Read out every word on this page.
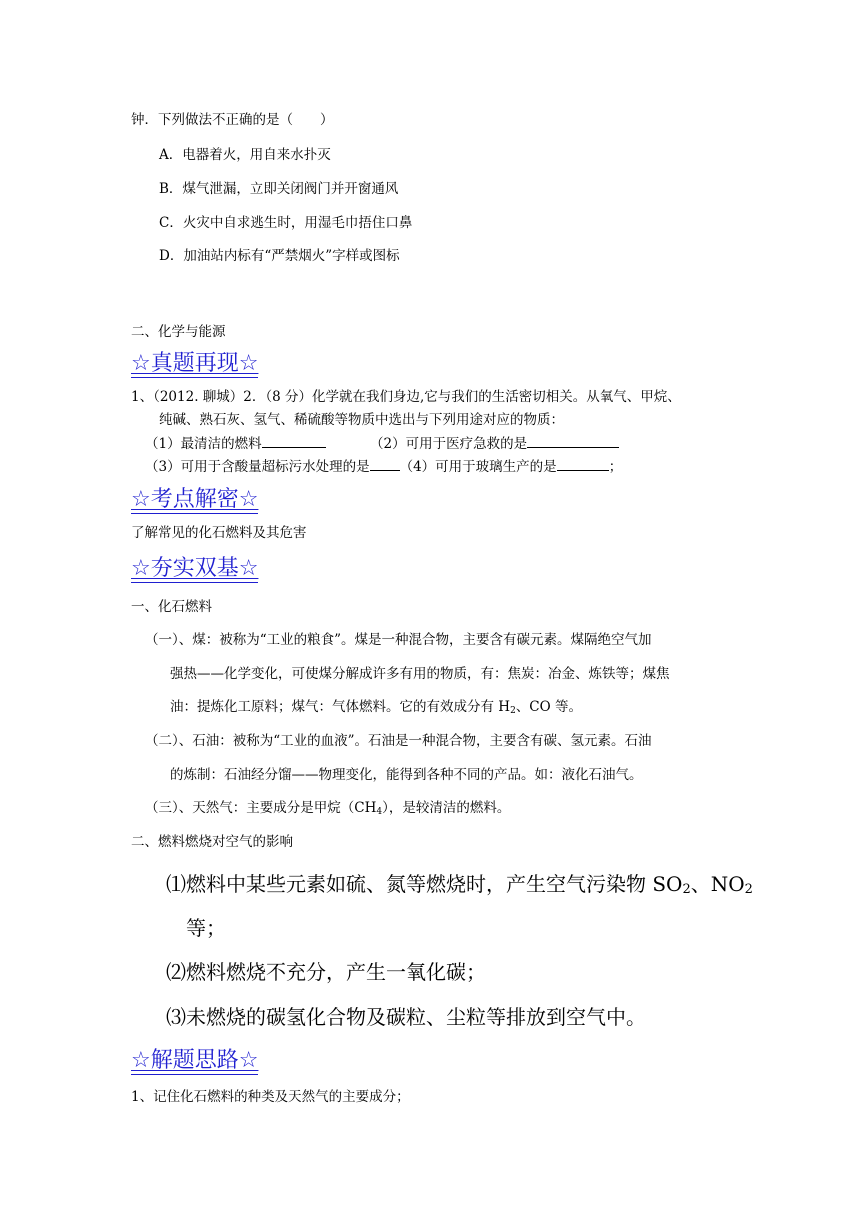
钟．下列做法不正确的是（　　）
A．电器着火，用自来水扑灭
B．煤气泄漏，立即关闭阀门并开窗通风
C．火灾中自求逃生时，用湿毛巾捂住口鼻
D．加油站内标有“严禁烟火”字样或图标
二、化学与能源
☆真题再现☆
1、（2012. 聊城）2．（8 分）化学就在我们身边,它与我们的生活密切相关。从氧气、甲烷、
纯碱、熟石灰、氢气、稀硫酸等物质中选出与下列用途对应的物质：
（1）最清洁的燃料	（2）可用于医疗急救的是
（3）可用于含酸量超标污水处理的是 （4）可用于玻璃生产的是	；
☆考点解密☆
了解常见的化石燃料及其危害
☆夯实双基☆
一、化石燃料
（一）、煤：被称为“工业的粮食”。煤是一种混合物，主要含有碳元素。煤隔绝空气加
强热——化学变化，可使煤分解成许多有用的物质，有：焦炭：冶金、炼铁等；煤焦
油：提炼化工原料；煤气：气体燃料。它的有效成分有 $H_2$、CO 等。
（二）、石油：被称为“工业的血液”。石油是一种混合物，主要含有碳、氢元素。石油
的炼制：石油经分馏——物理变化，能得到各种不同的产品。如：液化石油气。
（三）、天然气：主要成分是甲烷$(CH_4)$，是较清洁的燃料。
二、燃料燃烧对空气的影响
⑴燃料中某些元素如硫、氮等燃烧时，产生空气污染物 $SO_2$、$NO_2$
等；
⑵燃料燃烧不充分，产生一氧化碳；
⑶未燃烧的碳氢化合物及碳粒、尘粒等排放到空气中。
☆解题思路☆
1、记住化石燃料的种类及天然气的主要成分；
